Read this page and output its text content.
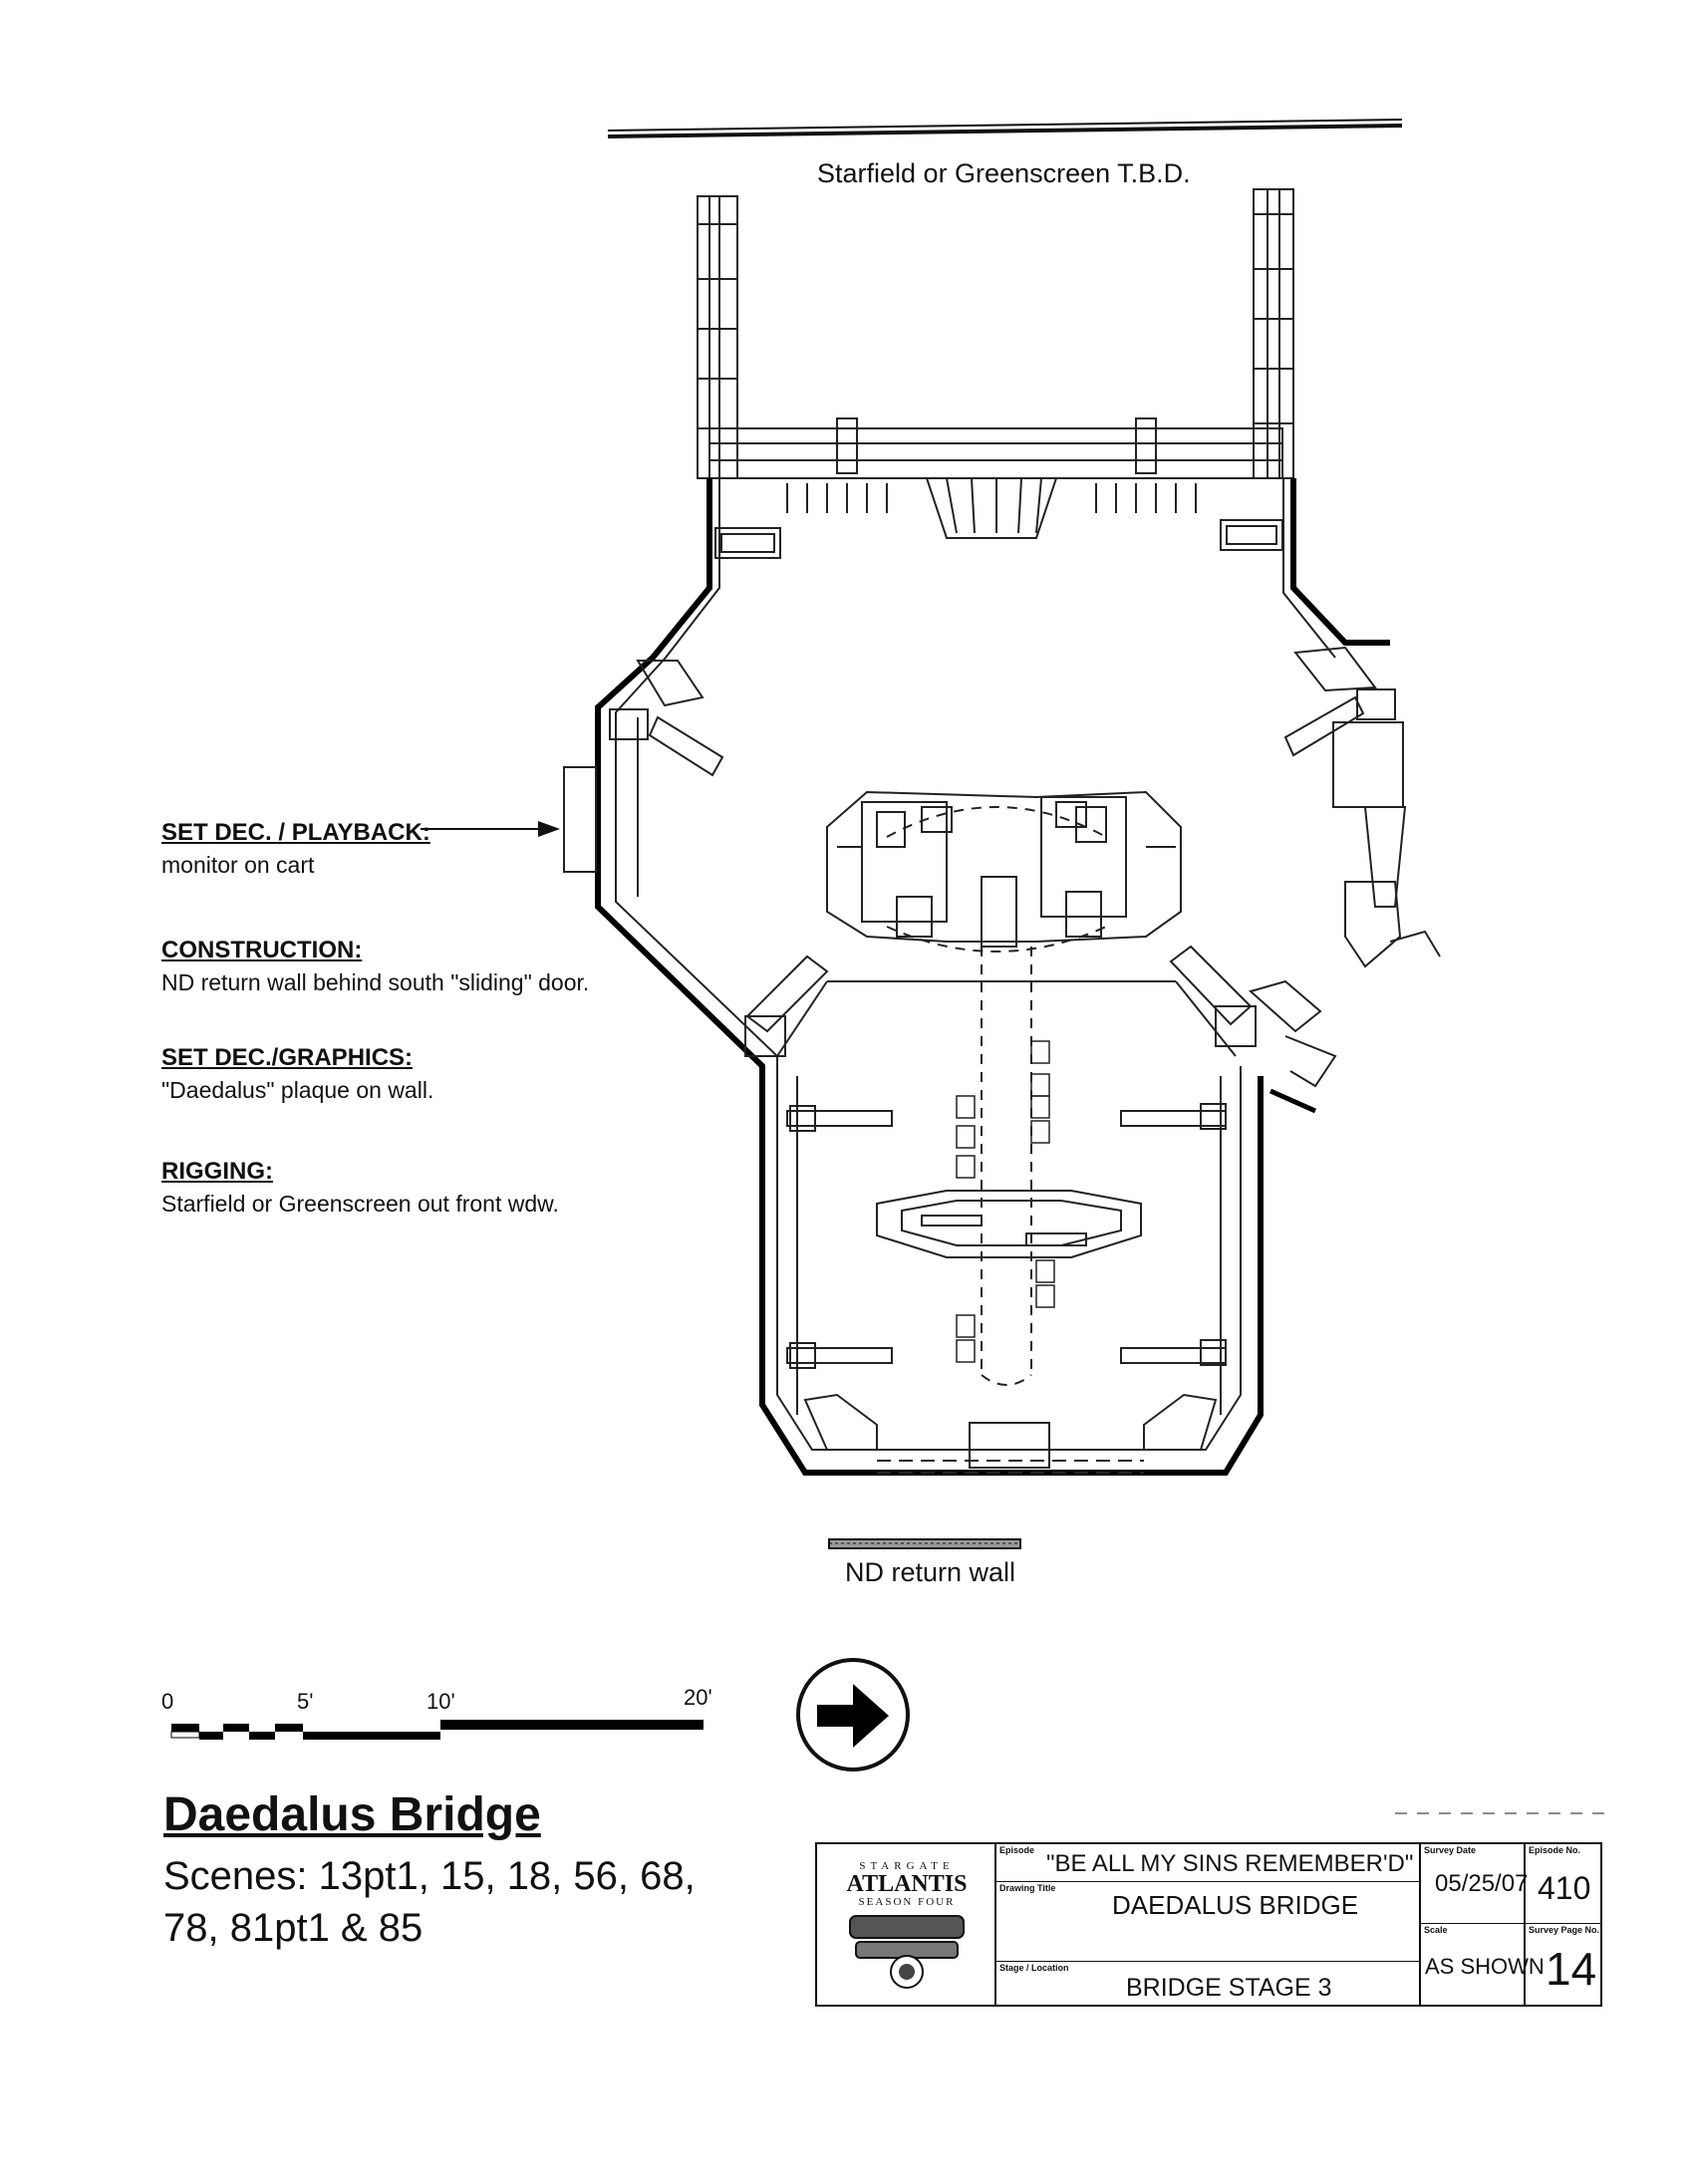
Starfield or Greenscreen T.B.D.
ND return wall
SET DEC. / PLAYBACK:
monitor on cart
CONSTRUCTION:
ND return wall behind south "sliding" door.
SET DEC./GRAPHICS:
"Daedalus" plaque on wall.
RIGGING:
Starfield or Greenscreen out front wdw.
0	5'	10'	20'
Daedalus Bridge
Scenes: 13pt1, 15, 18, 56, 68,
78, 81pt1 & 85
STARGATE
ATLANTIS
SEASON FOUR
Episode "BE ALL MY SINS REMEMBER'D"
Drawing Title
DAEDALUS BRIDGE
Stage / Location
BRIDGE STAGE 3
Survey Date
05/25/07
Episode No.
410
Scale
AS SHOWN
Survey Page No.
14
